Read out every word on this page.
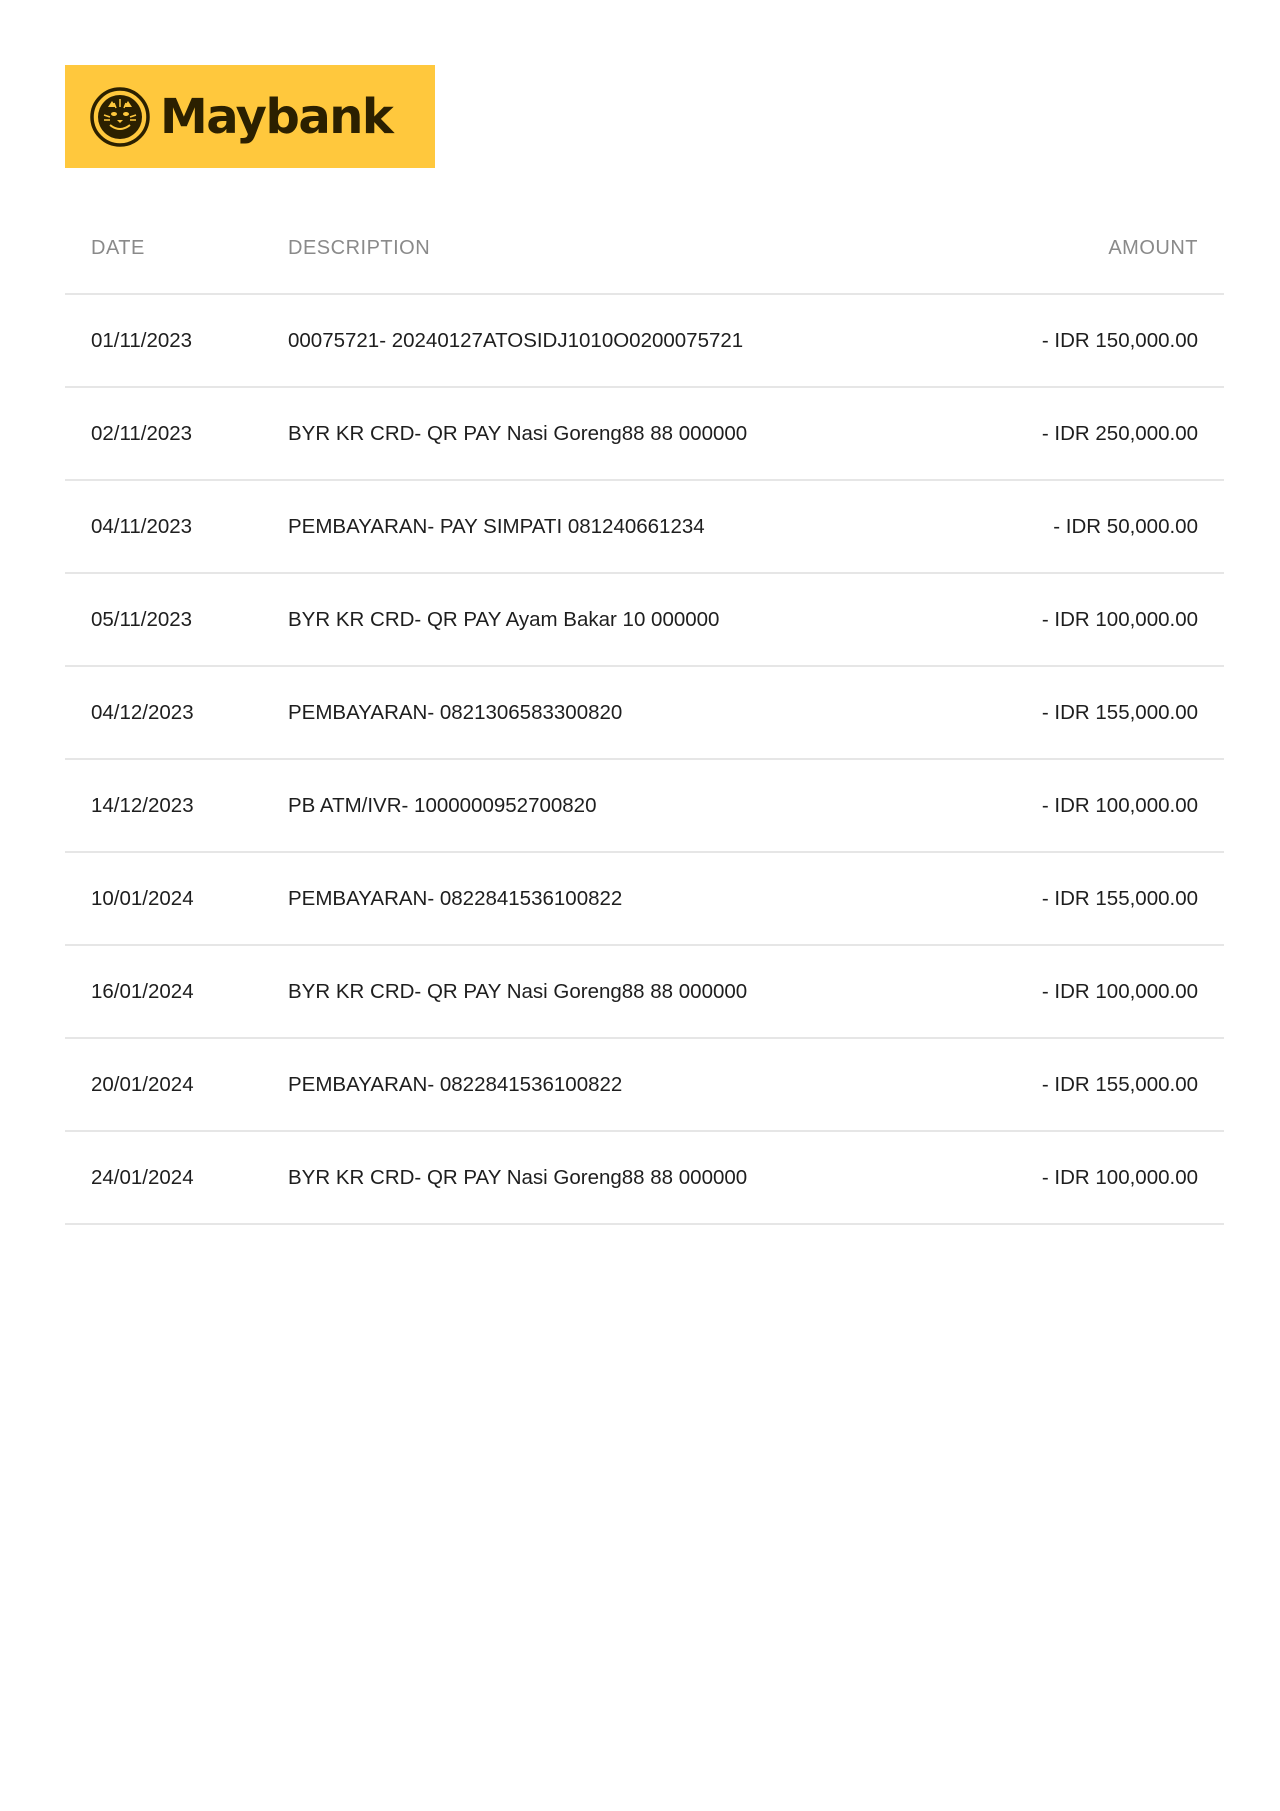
Maybank
DATE	DESCRIPTION	AMOUNT
01/11/2023	00075721- 20240127ATOSIDJ1010O0200075721	- IDR 150,000.00
02/11/2023	BYR KR CRD- QR PAY Nasi Goreng88 88 000000	- IDR 250,000.00
04/11/2023	PEMBAYARAN- PAY SIMPATI 081240661234	- IDR 50,000.00
05/11/2023	BYR KR CRD- QR PAY Ayam Bakar 10 000000	- IDR 100,000.00
04/12/2023	PEMBAYARAN- 0821306583300820	- IDR 155,000.00
14/12/2023	PB ATM/IVR- 1000000952700820	- IDR 100,000.00
10/01/2024	PEMBAYARAN- 0822841536100822	- IDR 155,000.00
16/01/2024	BYR KR CRD- QR PAY Nasi Goreng88 88 000000	- IDR 100,000.00
20/01/2024	PEMBAYARAN- 0822841536100822	- IDR 155,000.00
24/01/2024	BYR KR CRD- QR PAY Nasi Goreng88 88 000000	- IDR 100,000.00
